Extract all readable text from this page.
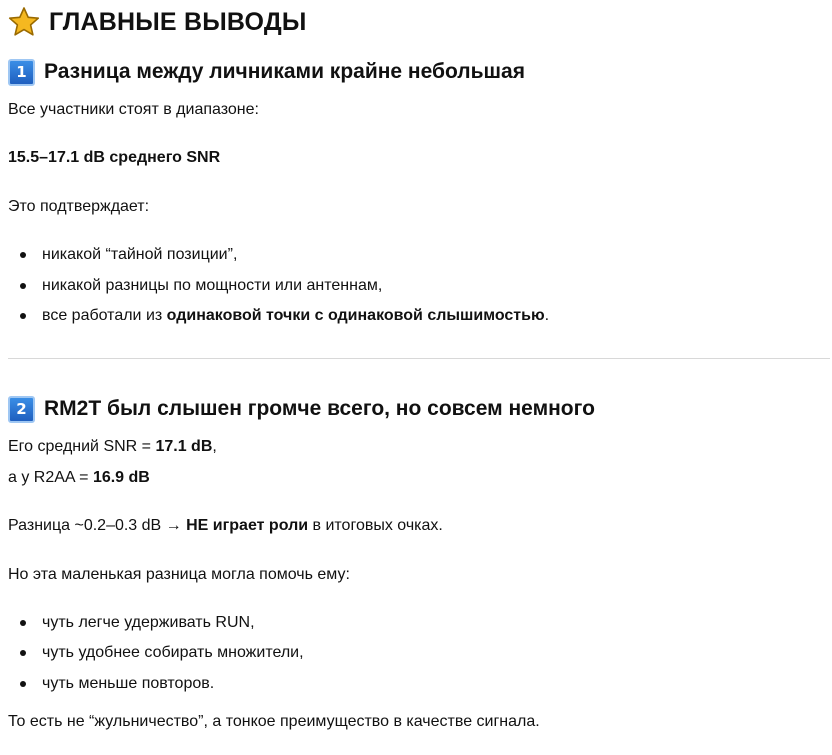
ГЛАВНЫЕ ВЫВОДЫ
1 Разница между личниками крайне небольшая
Все участники стоят в диапазоне:
15.5–17.1 dB среднего SNR
Это подтверждает:
никакой “тайной позиции”,
никакой разницы по мощности или антеннам,
все работали из одинаковой точки с одинаковой слышимостью.
2 RM2T был слышен громче всего, но совсем немного
Его средний SNR = 17.1 dB,
а у R2AA = 16.9 dB
Разница ~0.2–0.3 dB → НЕ играет роли в итоговых очках.
Но эта маленькая разница могла помочь ему:
чуть легче удерживать RUN,
чуть удобнее собирать множители,
чуть меньше повторов.
То есть не “жульничество”, а тонкое преимущество в качестве сигнала.
